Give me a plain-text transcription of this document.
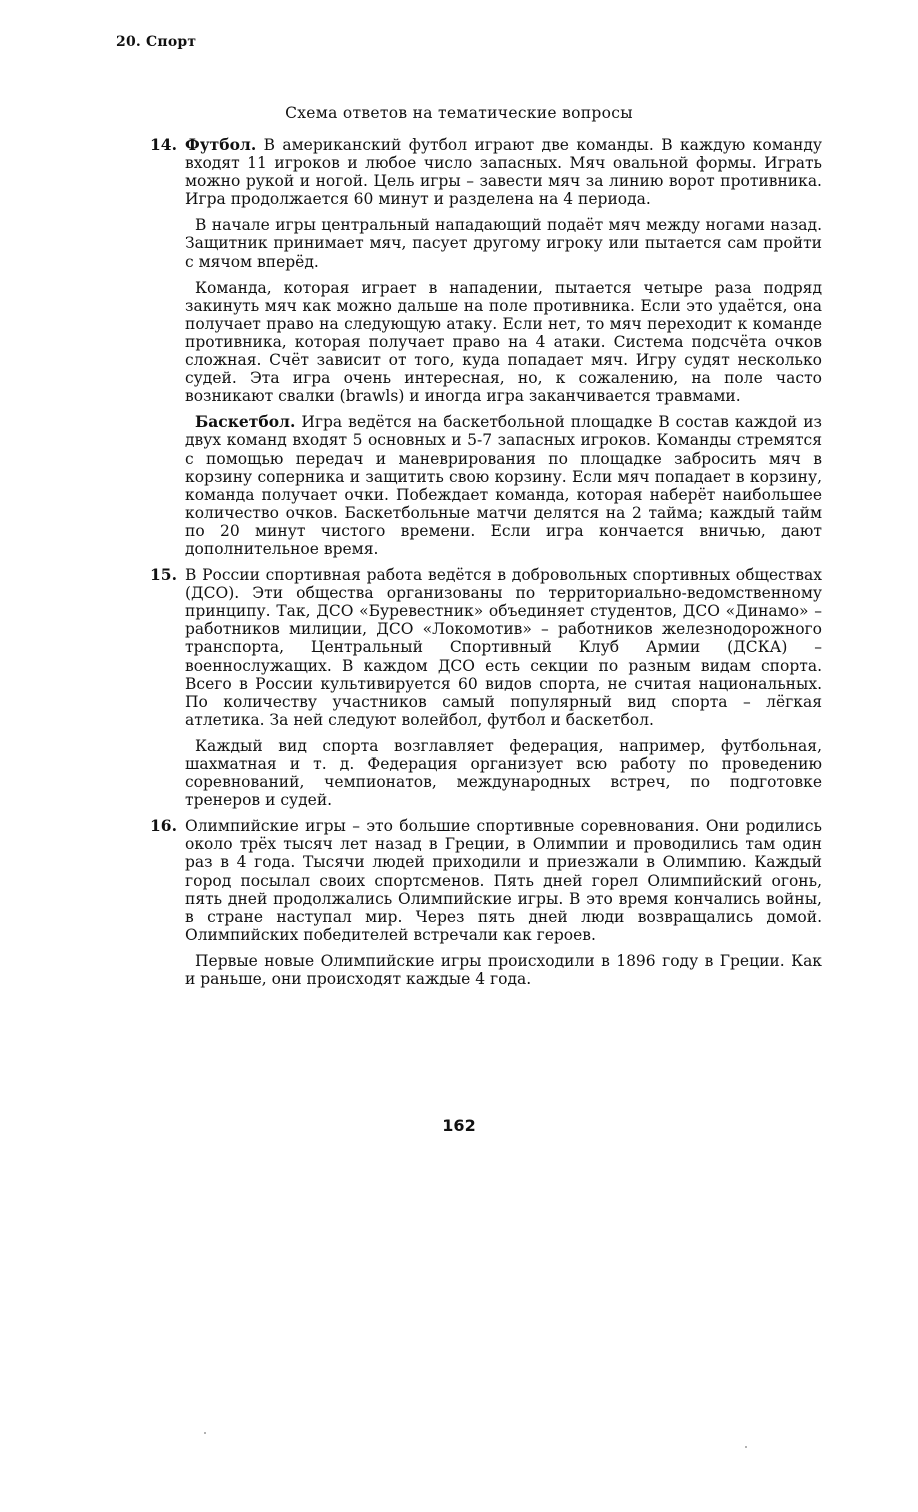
20. Спорт
Схема ответов на тематические вопросы
14. Футбол. В американский футбол играют две команды. В каждую команду входят 11 игроков и любое число запасных. Мяч овальной формы. Играть можно рукой и ногой. Цель игры – завести мяч за линию ворот противника. Игра продолжается 60 минут и разделена на 4 периода.

В начале игры центральный нападающий подаёт мяч между ногами назад. Защитник принимает мяч, пасует другому игроку или пытается сам пройти с мячом вперёд.

Команда, которая играет в нападении, пытается четыре раза подряд закинуть мяч как можно дальше на поле противника. Если это удаётся, она получает право на следующую атаку. Если нет, то мяч переходит к команде противника, которая получает право на 4 атаки. Система подсчёта очков сложная. Счёт зависит от того, куда попадает мяч. Игру судят несколько судей. Эта игра очень интересная, но, к сожалению, на поле часто возникают свалки (brawls) и иногда игра заканчивается травмами.

Баскетбол. Игра ведётся на баскетбольной площадке В состав каждой из двух команд входят 5 основных и 5-7 запасных игроков. Команды стремятся с помощью передач и маневрирования по площадке забросить мяч в корзину соперника и защитить свою корзину. Если мяч попадает в корзину, команда получает очки. Побеждает команда, которая наберёт наибольшее количество очков. Баскетбольные матчи делятся на 2 тайма; каждый тайм по 20 минут чистого времени. Если игра кончается вничью, дают дополнительное время.

15. В России спортивная работа ведётся в добровольных спортивных обществах (ДСО). Эти общества организованы по территориально-ведомственному принципу. Так, ДСО «Буревестник» объединяет студентов, ДСО «Динамо» – работников милиции, ДСО «Локомотив» – работников железнодорожного транспорта, Центральный Спортивный Клуб Армии (ДСКА) – военнослужащих. В каждом ДСО есть секции по разным видам спорта. Всего в России культивируется 60 видов спорта, не считая национальных. По количеству участников самый популярный вид спорта – лёгкая атлетика. За ней следуют волейбол, футбол и баскетбол.

Каждый вид спорта возглавляет федерация, например, футбольная, шахматная и т. д. Федерация организует всю работу по проведению соревнований, чемпионатов, международных встреч, по подготовке тренеров и судей.

16. Олимпийские игры – это большие спортивные соревнования. Они родились около трёх тысяч лет назад в Греции, в Олимпии и проводились там один раз в 4 года. Тысячи людей приходили и приезжали в Олимпию. Каждый город посылал своих спортсменов. Пять дней горел Олимпийский огонь, пять дней продолжались Олимпийские игры. В это время кончались войны, в стране наступал мир. Через пять дней люди возвращались домой. Олимпийских победителей встречали как героев.

Первые новые Олимпийские игры происходили в 1896 году в Греции. Как и раньше, они происходят каждые 4 года.

162
